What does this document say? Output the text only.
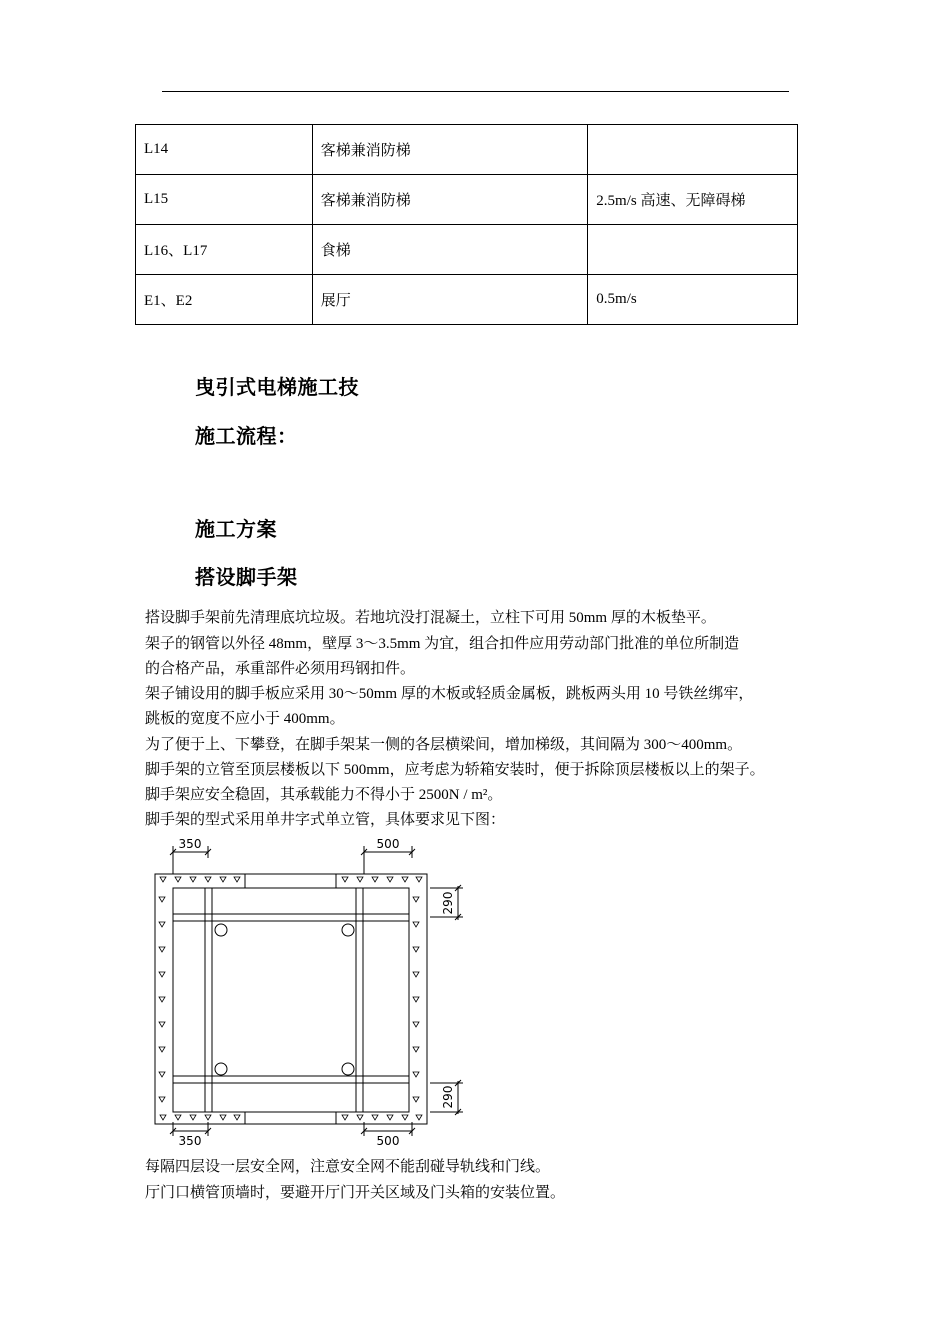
L14	客梯兼消防梯	
L15	客梯兼消防梯	2.5m/s 高速、无障碍梯
L16、L17	食梯	
E1、E2	展厅	0.5m/s
曳引式电梯施工技
施工流程：
施工方案
搭设脚手架
搭设脚手架前先清理底坑垃圾。若地坑没打混凝土，立柱下可用 50mm 厚的木板垫平。
架子的钢管以外径 48mm，壁厚 3～3.5mm 为宜，组合扣件应用劳动部门批准的单位所制造
的合格产品，承重部件必须用玛钢扣件。
架子铺设用的脚手板应采用 30～50mm 厚的木板或轻质金属板，跳板两头用 10 号铁丝绑牢，
跳板的宽度不应小于 400mm。
为了便于上、下攀登，在脚手架某一侧的各层横梁间，增加梯级，其间隔为 300～400mm。
脚手架的立管至顶层楼板以下 500mm，应考虑为轿箱安装时，便于拆除顶层楼板以上的架子。
脚手架应安全稳固，其承载能力不得小于 2500N / m²。
脚手架的型式采用单井字式单立管，具体要求见下图：
350	500
350	500
290
290
每隔四层设一层安全网，注意安全网不能刮碰导轨线和门线。
厅门口横管顶墙时，要避开厅门开关区域及门头箱的安装位置。
